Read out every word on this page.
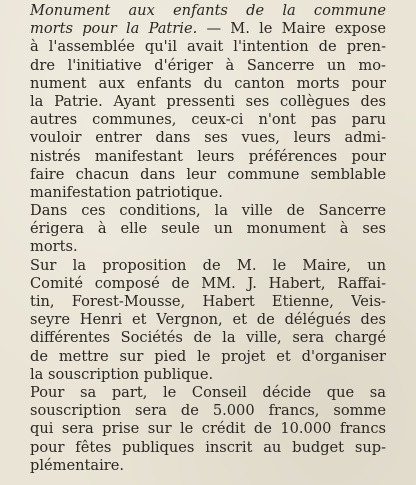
Monument aux enfants de la commune
morts pour la Patrie. — M. le Maire expose
à l'assemblée qu'il avait l'intention de pren-
dre l'initiative d'ériger à Sancerre un mo-
nument aux enfants du canton morts pour
la Patrie. Ayant pressenti ses collègues des
autres communes, ceux-ci n'ont pas paru
vouloir entrer dans ses vues, leurs admi-
nistrés manifestant leurs préférences pour
faire chacun dans leur commune semblable
manifestation patriotique.
Dans ces conditions, la ville de Sancerre
érigera à elle seule un monument à ses
morts.
Sur la proposition de M. le Maire, un
Comité composé de MM. J. Habert, Raffai-
tin, Forest-Mousse, Habert Etienne, Veis-
seyre Henri et Vergnon, et de délégués des
différentes Sociétés de la ville, sera chargé
de mettre sur pied le projet et d'organiser
la souscription publique.
Pour sa part, le Conseil décide que sa
souscription sera de 5.000 francs, somme
qui sera prise sur le crédit de 10.000 francs
pour fêtes publiques inscrit au budget sup-
plémentaire.
